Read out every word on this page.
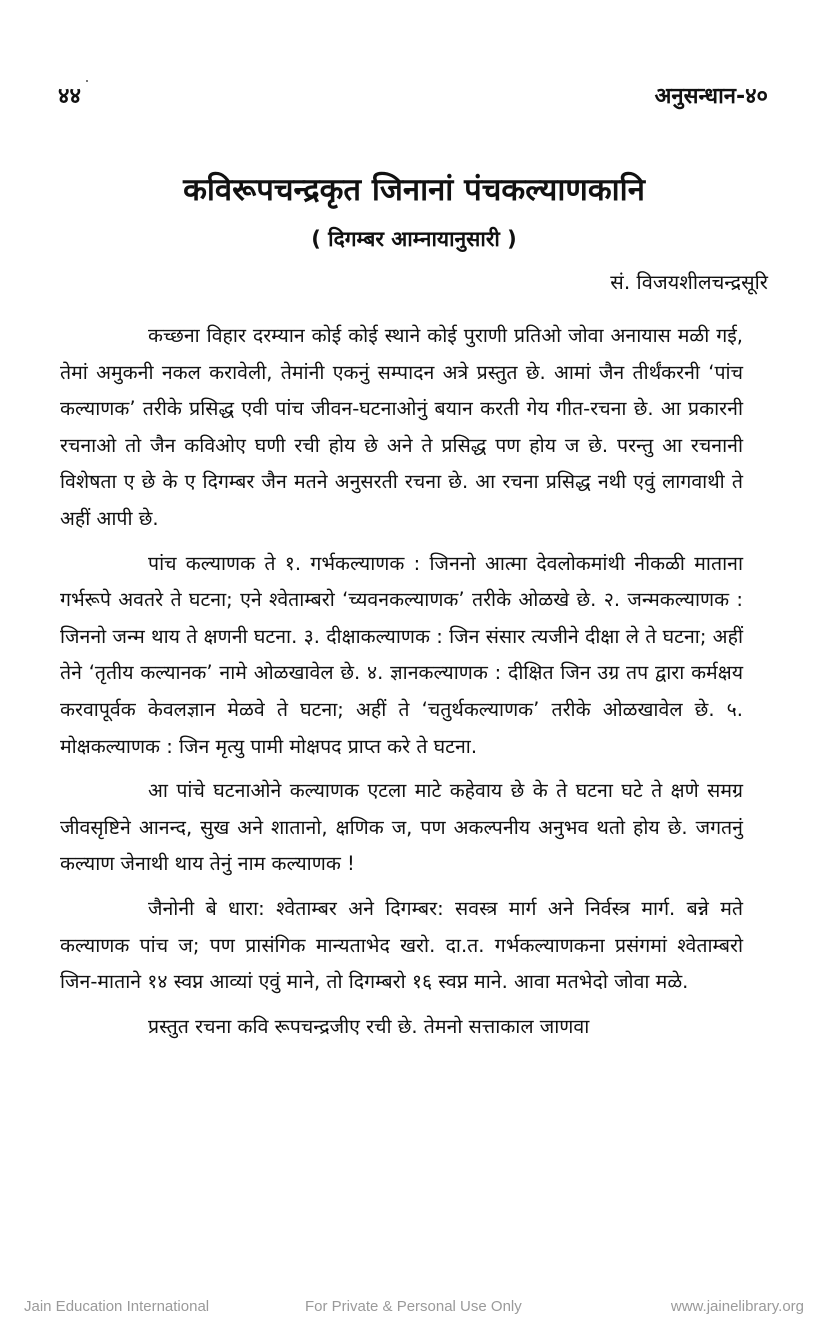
४४	अनुसन्धान-४०
कविरूपचन्द्रकृत जिनानां पंचकल्याणकानि
( दिगम्बर आम्नायानुसारी )
सं. विजयशीलचन्द्रसूरि

कच्छना विहार दरम्यान कोई कोई स्थाने कोई पुराणी प्रतिओ जोवा अनायास मळी गई, तेमां अमुकनी नकल करावेली, तेमांनी एकनुं सम्पादन अत्रे प्रस्तुत छे. आमां जैन तीर्थंकरनी ‘पांच कल्याणक’ तरीके प्रसिद्ध एवी पांच जीवन-घटनाओनुं बयान करती गेय गीत-रचना छे. आ प्रकारनी रचनाओ तो जैन कविओए घणी रची होय छे अने ते प्रसिद्ध पण होय ज छे. परन्तु आ रचनानी विशेषता ए छे के ए दिगम्बर जैन मतने अनुसरती रचना छे. आ रचना प्रसिद्ध नथी एवुं लागवाथी ते अहीं आपी छे.

पांच कल्याणक ते १. गर्भकल्याणक : जिननो आत्मा देवलोकमांथी नीकळी माताना गर्भरूपे अवतरे ते घटना; एने श्वेताम्बरो ‘च्यवनकल्याणक’ तरीके ओळखे छे. २. जन्मकल्याणक : जिननो जन्म थाय ते क्षणनी घटना. ३. दीक्षाकल्याणक : जिन संसार त्यजीने दीक्षा ले ते घटना; अहीं तेने ‘तृतीय कल्यानक’ नामे ओळखावेल छे. ४. ज्ञानकल्याणक : दीक्षित जिन उग्र तप द्वारा कर्मक्षय करवापूर्वक केवलज्ञान मेळवे ते घटना; अहीं ते ‘चतुर्थकल्याणक’ तरीके ओळखावेल छे. ५. मोक्षकल्याणक : जिन मृत्यु पामी मोक्षपद प्राप्त करे ते घटना.

आ पांचे घटनाओने कल्याणक एटला माटे कहेवाय छे के ते घटना घटे ते क्षणे समग्र जीवसृष्टिने आनन्द, सुख अने शातानो, क्षणिक ज, पण अकल्पनीय अनुभव थतो होय छे. जगतनुं कल्याण जेनाथी थाय तेनुं नाम कल्याणक !

जैनोनी बे धारा: श्वेताम्बर अने दिगम्बर: सवस्त्र मार्ग अने निर्वस्त्र मार्ग. बन्ने मते कल्याणक पांच ज; पण प्रासंगिक मान्यताभेद खरो. दा.त. गर्भकल्याणकना प्रसंगमां श्वेताम्बरो जिन-माताने १४ स्वप्न आव्यां एवुं माने, तो दिगम्बरो १६ स्वप्न माने. आवा मतभेदो जोवा मळे.

प्रस्तुत रचना कवि रूपचन्द्रजीए रची छे. तेमनो सत्ताकाल जाणवा

Jain Education International	For Private & Personal Use Only	www.jainelibrary.org
